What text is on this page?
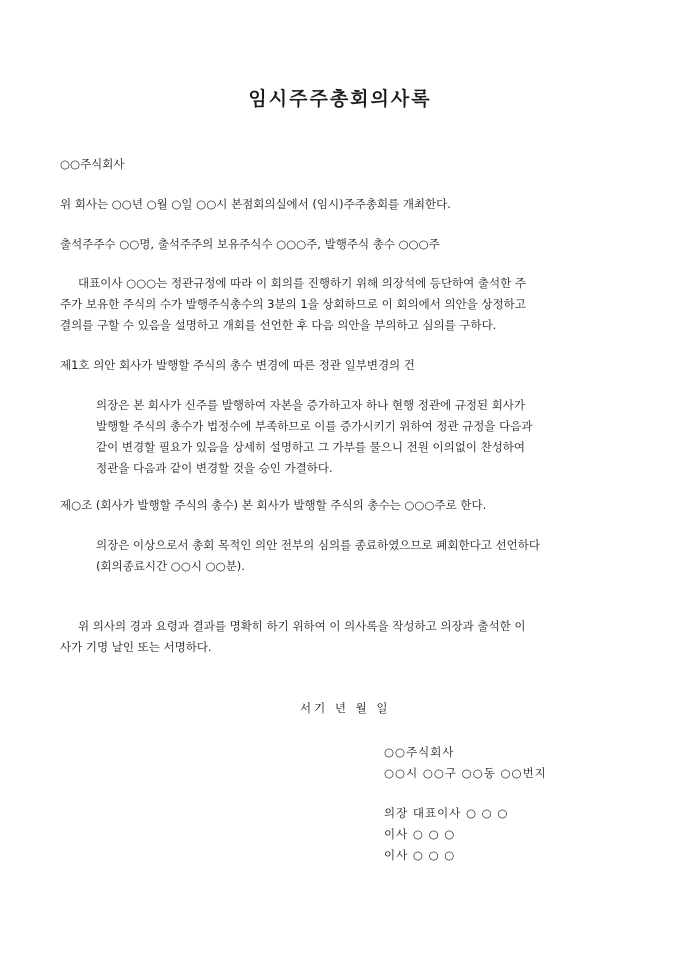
임시주주총회의사록
○○주식회사
위 회사는 ○○년 ○월 ○일 ○○시 본점회의실에서 (임시)주주총회를 개최한다.
출석주주수 ○○명, 출석주주의 보유주식수 ○○○주, 발행주식 총수 ○○○주
대표이사 ○○○는 정관규정에 따라 이 회의를 진행하기 위해 의장석에 등단하여 출석한 주
주가 보유한 주식의 수가 발행주식총수의 3분의 1을 상회하므로 이 회의에서 의안을 상정하고
결의를 구할 수 있음을 설명하고 개회를 선언한 후 다음 의안을 부의하고 심의를 구하다.
제1호 의안 회사가 발행할 주식의 총수 변경에 따른 정관 일부변경의 건
의장은 본 회사가 신주를 발행하여 자본을 증가하고자 하나 현행 정관에 규정된 회사가
발행할 주식의 총수가 법정수에 부족하므로 이를 증가시키기 위하여 정관 규정을 다음과
같이 변경할 필요가 있음을 상세히 설명하고 그 가부를 물으니 전원 이의없이 찬성하여
정관을 다음과 같이 변경할 것을 승인 가결하다.
제○조 (회사가 발행할 주식의 총수) 본 회사가 발행할 주식의 총수는 ○○○주로 한다.
의장은 이상으로서 총회 목적인 의안 전부의 심의를 종료하였으므로 폐회한다고 선언하다
(회의종료시간 ○○시 ○○분).
위 의사의 경과 요령과 결과를 명확히 하기 위하여 이 의사록을 작성하고 의장과 출석한 이
사가 기명 날인 또는 서명하다.
서기 년 월 일
○○주식회사
○○시 ○○구 ○○동 ○○번지
의장 대표이사 ○ ○ ○
이사 ○ ○ ○
이사 ○ ○ ○
